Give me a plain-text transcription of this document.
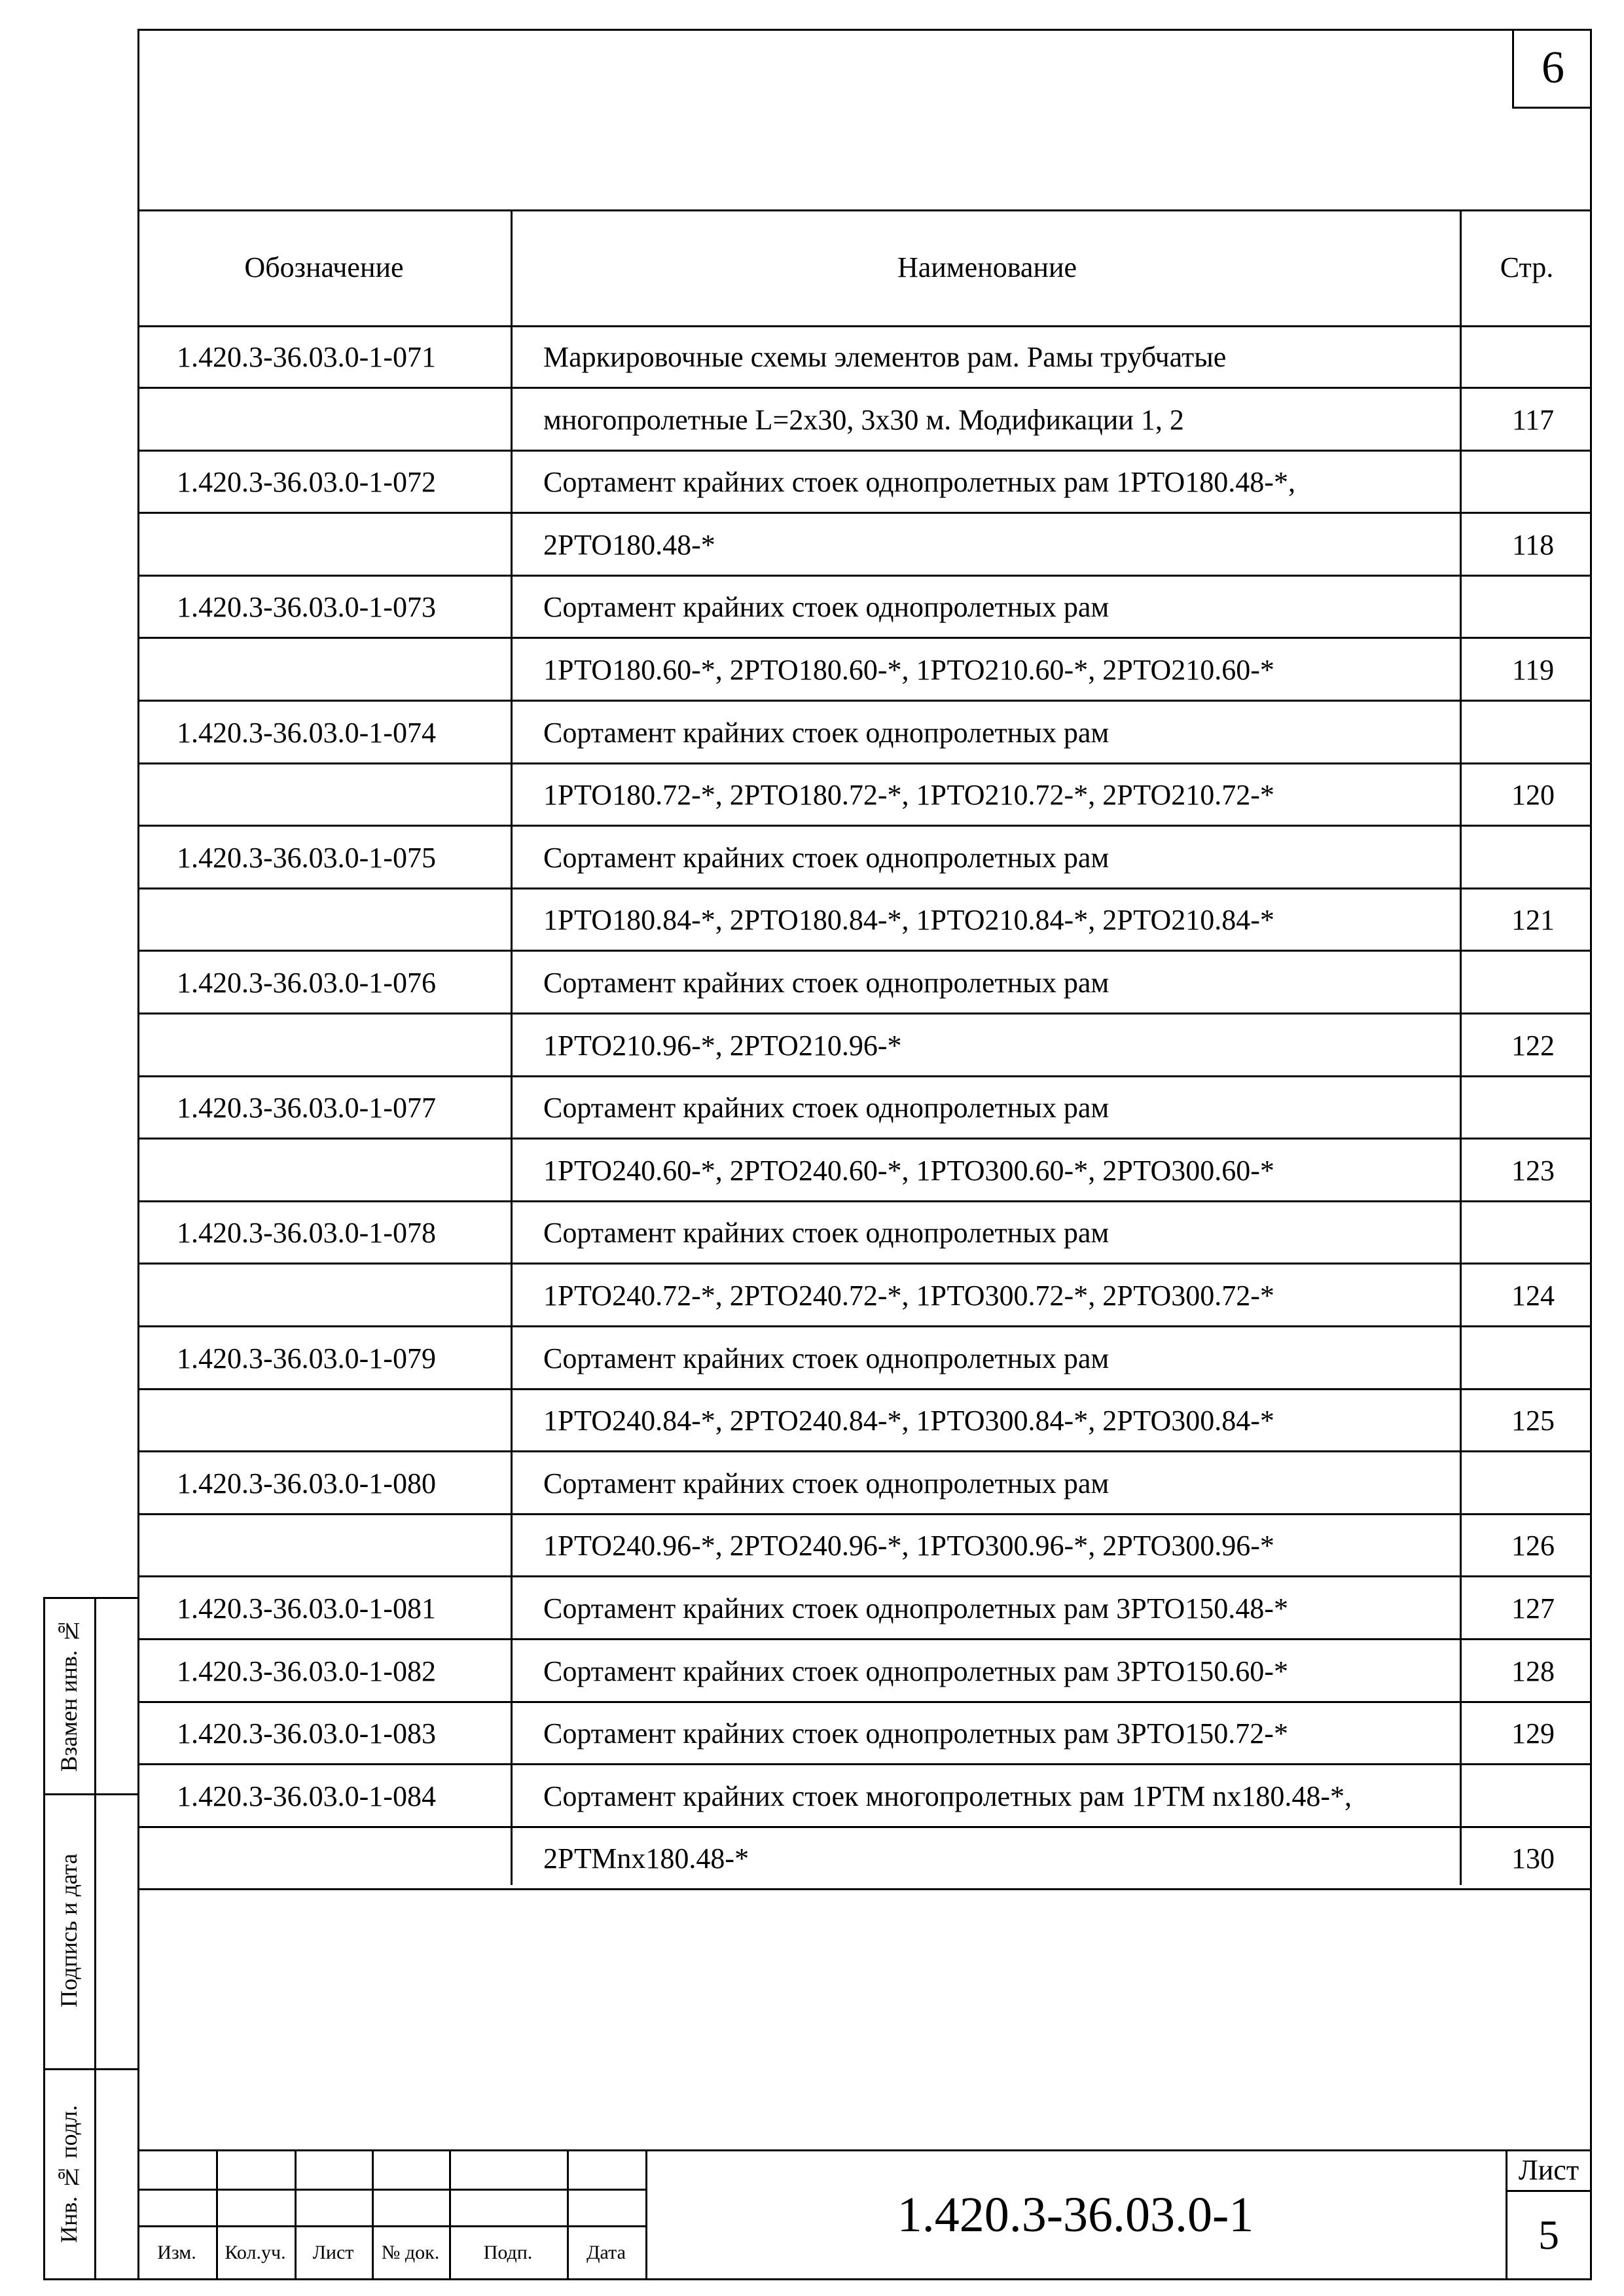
6
Обозначение	Наименование	Стр.
1.420.3-36.03.0-1-071	Маркировочные схемы элементов рам. Рамы трубчатые
многопролетные L=2x30, 3x30 м. Модификации 1, 2	117
1.420.3-36.03.0-1-072	Сортамент крайних стоек однопролетных рам 1РТО180.48-*,
2РТО180.48-*	118
1.420.3-36.03.0-1-073	Сортамент крайних стоек однопролетных рам
1РТО180.60-*, 2РТО180.60-*, 1РТО210.60-*, 2РТО210.60-*	119
1.420.3-36.03.0-1-074	Сортамент крайних стоек однопролетных рам
1РТО180.72-*, 2РТО180.72-*, 1РТО210.72-*, 2РТО210.72-*	120
1.420.3-36.03.0-1-075	Сортамент крайних стоек однопролетных рам
1РТО180.84-*, 2РТО180.84-*, 1РТО210.84-*, 2РТО210.84-*	121
1.420.3-36.03.0-1-076	Сортамент крайних стоек однопролетных рам
1РТО210.96-*, 2РТО210.96-*	122
1.420.3-36.03.0-1-077	Сортамент крайних стоек однопролетных рам
1РТО240.60-*, 2РТО240.60-*, 1РТО300.60-*, 2РТО300.60-*	123
1.420.3-36.03.0-1-078	Сортамент крайних стоек однопролетных рам
1РТО240.72-*, 2РТО240.72-*, 1РТО300.72-*, 2РТО300.72-*	124
1.420.3-36.03.0-1-079	Сортамент крайних стоек однопролетных рам
1РТО240.84-*, 2РТО240.84-*, 1РТО300.84-*, 2РТО300.84-*	125
1.420.3-36.03.0-1-080	Сортамент крайних стоек однопролетных рам
1РТО240.96-*, 2РТО240.96-*, 1РТО300.96-*, 2РТО300.96-*	126
1.420.3-36.03.0-1-081	Сортамент крайних стоек однопролетных рам 3РТО150.48-*	127
1.420.3-36.03.0-1-082	Сортамент крайних стоек однопролетных рам 3РТО150.60-*	128
1.420.3-36.03.0-1-083	Сортамент крайних стоек однопролетных рам 3РТО150.72-*	129
1.420.3-36.03.0-1-084	Сортамент крайних стоек многопролетных рам 1РТМ nx180.48-*,
2РТМnx180.48-*	130
Взамен инв. №
Подпись и дата
Инв. № подл.
Изм.	Кол.уч.	Лист	№ док.	Подп.	Дата
1.420.3-36.03.0-1
Лист
5
